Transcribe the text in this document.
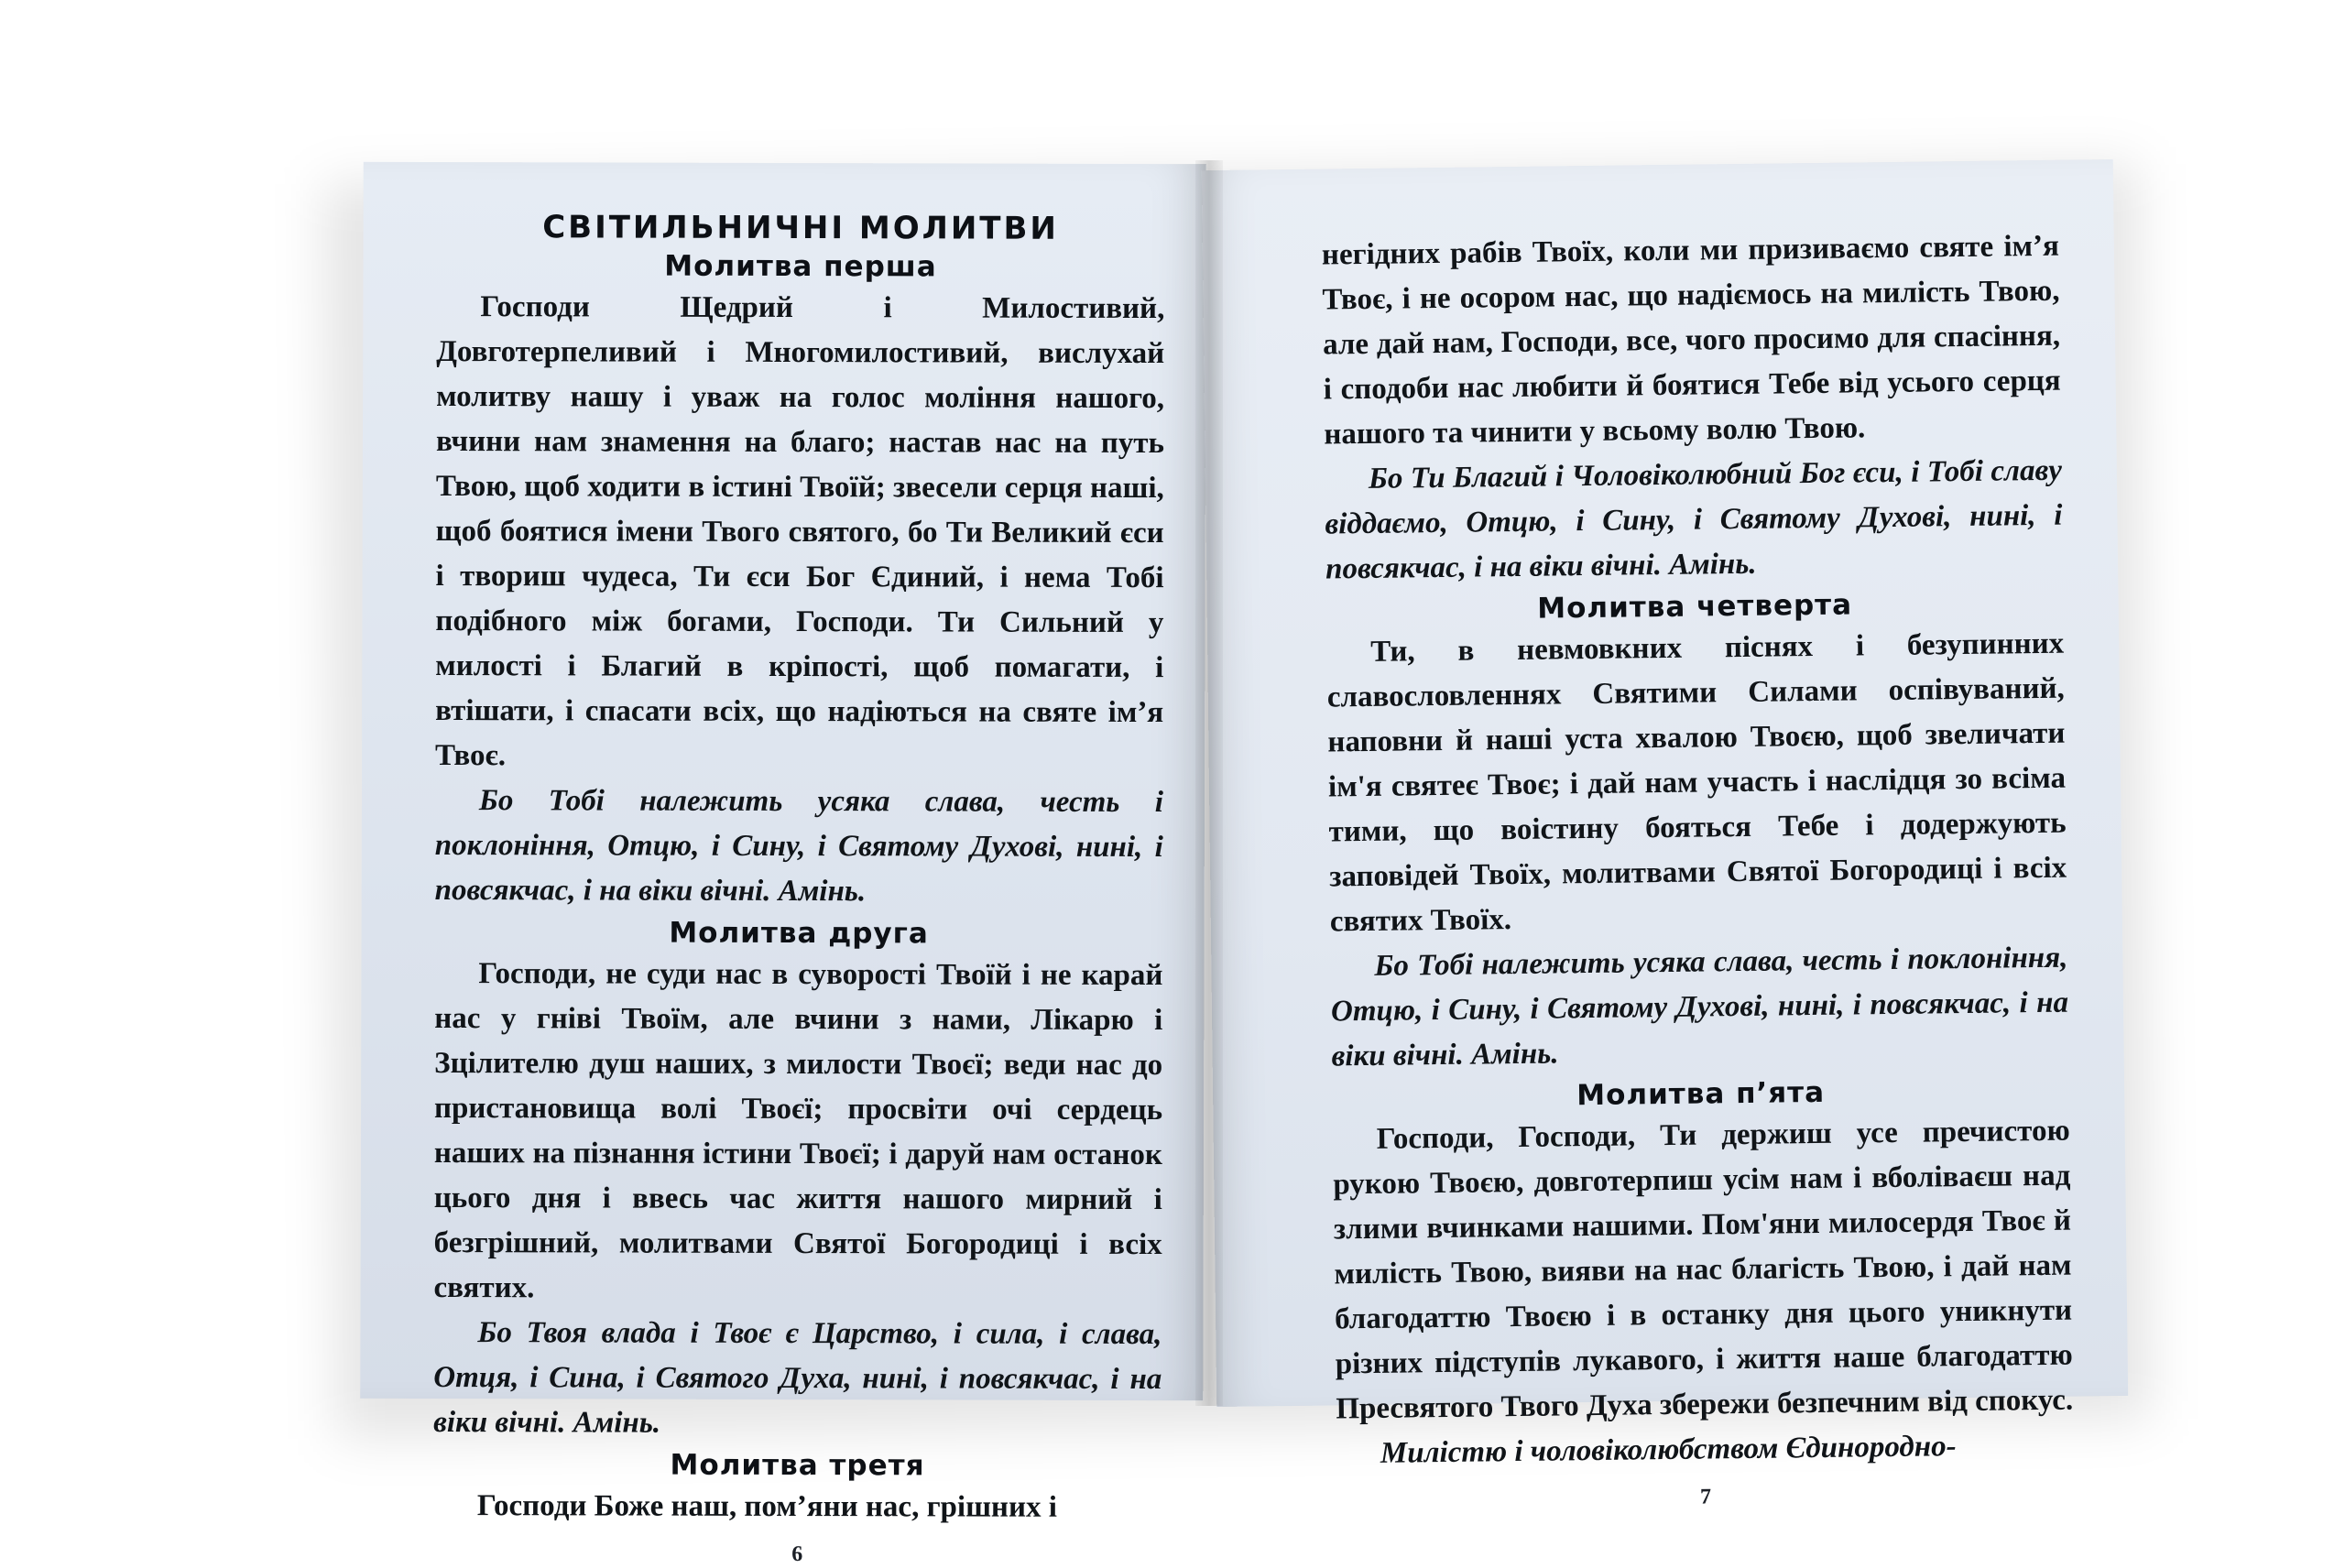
СВІТИЛЬНИЧНІ МОЛИТВИ
Молитва перша

Господи Щедрий і Милостивий, Довготерпеливий і Многомилостивий, вислухай молитву нашу і уваж на голос моління нашого, вчини нам знамення на благо; настав нас на путь Твою, щоб ходити в істині Твоїй; звесели серця наші, щоб боятися імени Твого святого, бо Ти Великий єси і твориш чудеса, Ти єси Бог Єдиний, і нема Тобі подібного між богами, Господи. Ти Сильний у милості і Благий в кріпості, щоб помагати, і втішати, і спасати всіх, що надіються на святе ім’я Твоє.

Бо Тобі належить усяка слава, честь і поклоніння, Отцю, і Сину, і Святому Духові, нині, і повсякчас, і на віки вічні. Амінь.

Молитва друга

Господи, не суди нас в суворості Твоїй і не карай нас у гніві Твоїм, але вчини з нами, Лікарю і Зцілителю душ наших, з милости Твоєї; веди нас до пристановища волі Твоєї; просвіти очі сердець наших на пізнання істини Твоєї; і даруй нам останок цього дня і ввесь час життя нашого мирний і безгрішний, молитвами Святої Богородиці і всіх святих.

Бо Твоя влада і Твоє є Царство, і сила, і слава, Отця, і Сина, і Святого Духа, нині, і повсякчас, і на віки вічні. Амінь.

Молитва третя

Господи Боже наш, пом’яни нас, грішних і

6

негідних рабів Твоїх, коли ми призиваємо святе ім’я Твоє, і не осором нас, що надіємось на милість Твою, але дай нам, Господи, все, чого просимо для спасіння, і сподоби нас любити й боятися Тебе від усього серця нашого та чинити у всьому волю Твою.

Бо Ти Благий і Чоловіколюбний Бог єси, і Тобі славу віддаємо, Отцю, і Сину, і Святому Духові, нині, і повсякчас, і на віки вічні. Амінь.

Молитва четверта

Ти, в невмовкних піснях і безупинних славословленнях Святими Силами оспівуваний, наповни й наші уста хвалою Твоєю, щоб звеличати ім'я святеє Твоє; і дай нам участь і наслідця зо всіма тими, що воістину бояться Тебе і додержують заповідей Твоїх, молитвами Святої Богородиці і всіх святих Твоїх.

Бо Тобі належить усяка слава, честь і поклоніння, Отцю, і Сину, і Святому Духові, нині, і повсякчас, і на віки вічні. Амінь.

Молитва п’ята

Господи, Господи, Ти держиш усе пречистою рукою Твоєю, довготерпиш усім нам і вболіваєш над злими вчинками нашими. Пом'яни милосердя Твоє й милість Твою, вияви на нас благість Твою, і дай нам благодаттю Твоєю і в останку дня цього уникнути різних підступів лукавого, і життя наше благодаттю Пресвятого Твого Духа збережи безпечним від спокус.

Милістю і чоловіколюбством Єдинородно-

7
